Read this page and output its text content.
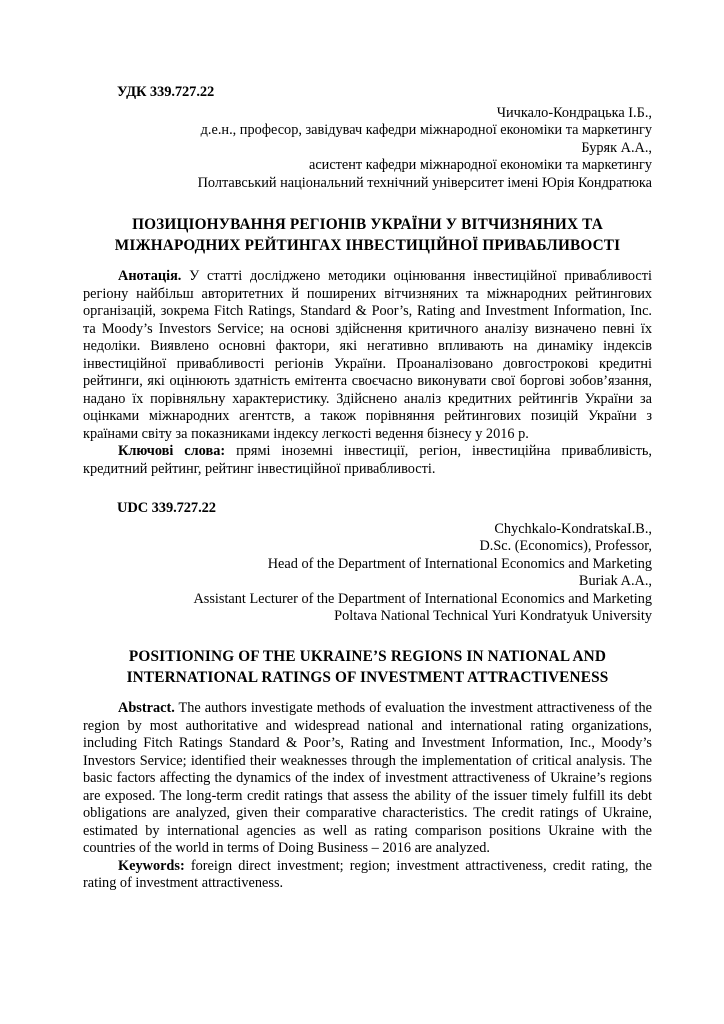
УДК 339.727.22

Чичкало-Кондрацька І.Б.,
д.е.н., професор, завідувач кафедри міжнародної економіки та маркетингу
Буряк А.А.,
асистент кафедри міжнародної економіки та маркетингу
Полтавський національний технічний університет імені Юрія Кондратюка
ПОЗИЦІОНУВАННЯ РЕГІОНІВ УКРАЇНИ У ВІТЧИЗНЯНИХ ТА
МІЖНАРОДНИХ РЕЙТИНГАХ ІНВЕСТИЦІЙНОЇ ПРИВАБЛИВОСТІ

Анотація. У статті досліджено методики оцінювання інвестиційної привабливості регіону найбільш авторитетних й поширених вітчизняних та міжнародних рейтингових організацій, зокрема Fitch Ratings, Standard & Poor’s, Rating and Investment Information, Inc. та Moody’s Investors Service; на основі здійснення критичного аналізу визначено певні їх недоліки. Виявлено основні фактори, які негативно впливають на динаміку індексів інвестиційної привабливості регіонів України. Проаналізовано довгострокові кредитні рейтинги, які оцінюють здатність емітента своєчасно виконувати свої боргові зобов’язання, надано їх порівняльну характеристику. Здійснено аналіз кредитних рейтингів України за оцінками міжнародних агентств, а також порівняння рейтингових позицій України з країнами світу за показниками індексу легкості ведення бізнесу у 2016 р.

Ключові слова: прямі іноземні інвестиції, регіон, інвестиційна привабливість, кредитний рейтинг, рейтинг інвестиційної привабливості.

UDC 339.727.22

Chychkalo-KondratskaI.B.,
D.Sc. (Economics), Professor,
Head of the Department of International Economics and Marketing
Buriak A.A.,
Assistant Lecturer of the Department of International Economics and Marketing
Poltava National Technical Yuri Kondratyuk University
POSITIONING OF THE UKRAINE’S REGIONS IN NATIONAL AND
INTERNATIONAL RATINGS OF INVESTMENT ATTRACTIVENESS

Abstract. The authors investigate methods of evaluation the investment attractiveness of the region by most authoritative and widespread national and international rating organizations, including Fitch Ratings Standard & Poor’s, Rating and Investment Information, Inc., Moody’s Investors Service; identified their weaknesses through the implementation of critical analysis. The basic factors affecting the dynamics of the index of investment attractiveness of Ukraine’s regions are exposed. The long-term credit ratings that assess the ability of the issuer timely fulfill its debt obligations are analyzed, given their comparative characteristics. The credit ratings of Ukraine, estimated by international agencies as well as rating comparison positions Ukraine with the countries of the world in terms of Doing Business – 2016 are analyzed.

Keywords: foreign direct investment; region; investment attractiveness, credit rating, the rating of investment attractiveness.
